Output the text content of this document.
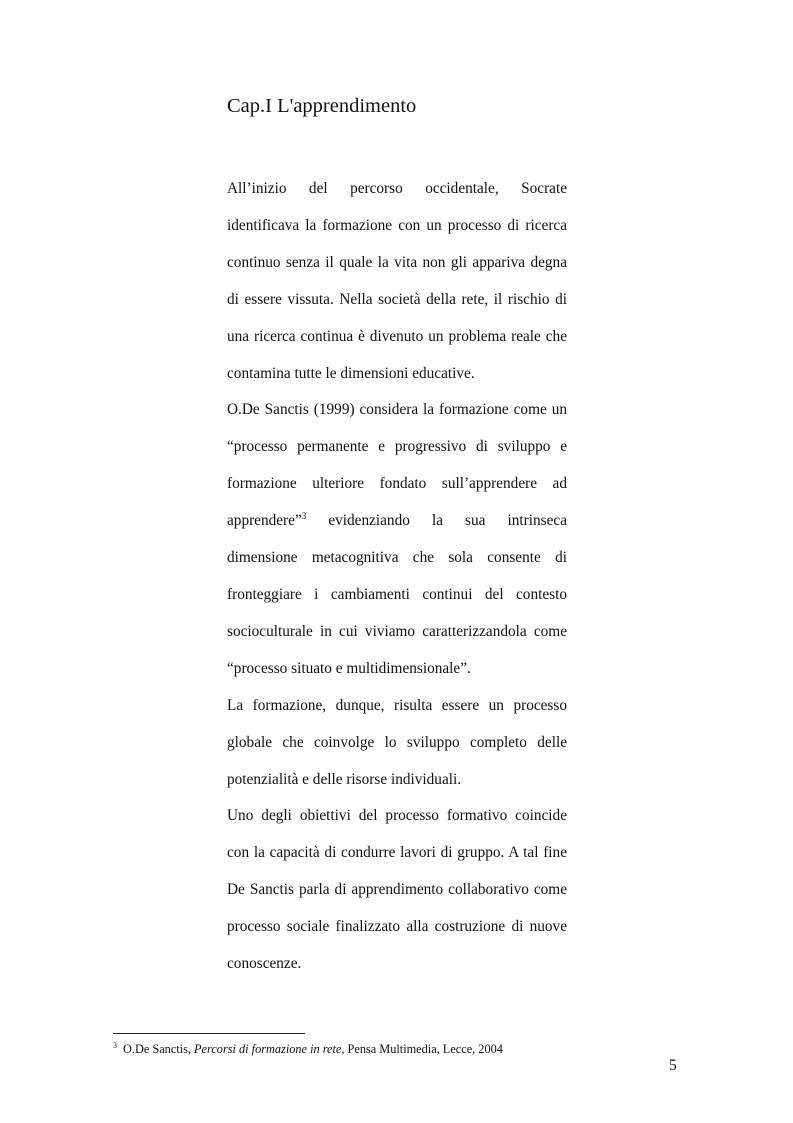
Cap.I L'apprendimento

All’inizio del percorso occidentale, Socrate identificava la formazione con un processo di ricerca continuo senza il quale la vita non gli appariva degna di essere vissuta. Nella società della rete, il rischio di una ricerca continua è divenuto un problema reale che contamina tutte le dimensioni educative.

O.De Sanctis (1999) considera la formazione come un “processo permanente e progressivo di sviluppo e formazione ulteriore fondato sull’apprendere ad apprendere”$^3$ evidenziando la sua intrinseca dimensione metacognitiva che sola consente di fronteggiare i cambiamenti continui del contesto socioculturale in cui viviamo caratterizzandola come “processo situato e multidimensionale”.

La formazione, dunque, risulta essere un processo globale che coinvolge lo sviluppo completo delle potenzialità e delle risorse individuali.

Uno degli obiettivi del processo formativo coincide con la capacità di condurre lavori di gruppo. A tal fine De Sanctis parla di apprendimento collaborativo come processo sociale finalizzato alla costruzione di nuove conoscenze.

$^3$ O.De Sanctis, Percorsi di formazione in rete, Pensa Multimedia, Lecce, 2004
5
